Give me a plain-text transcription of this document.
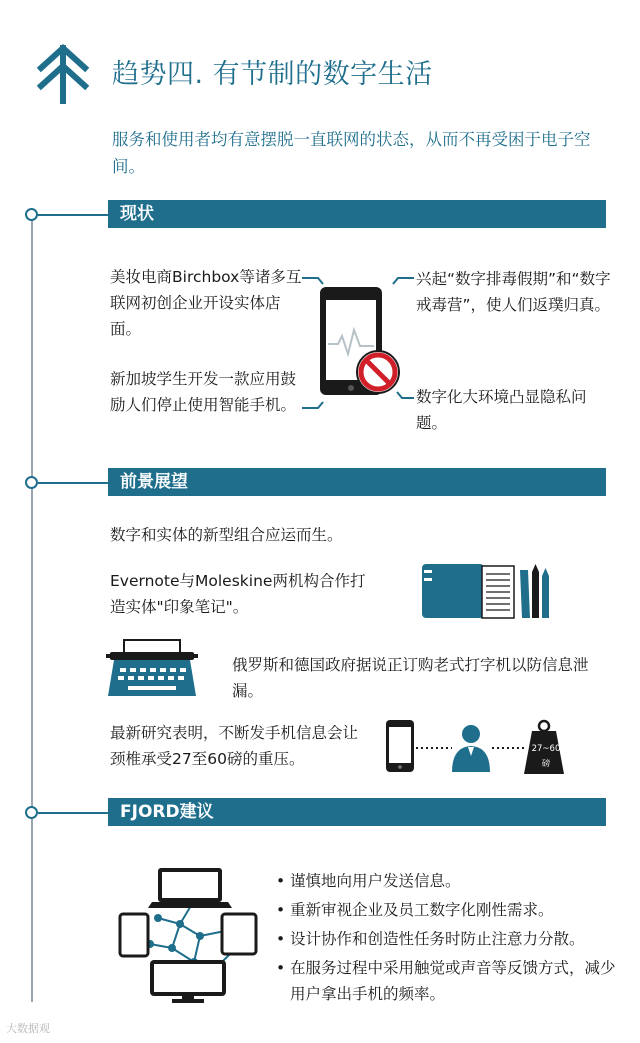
趋势四. 有节制的数字生活
服务和使用者均有意摆脱一直联网的状态，从而不再受困于电子空间。
现状
美妆电商Birchbox等诸多互联网初创企业开设实体店面。
新加坡学生开发一款应用鼓励人们停止使用智能手机。
兴起“数字排毒假期”和“数字戒毒营”，使人们返璞归真。
数字化大环境凸显隐私问题。
前景展望
数字和实体的新型组合应运而生。
Evernote与Moleskine两机构合作打造实体"印象笔记"。
俄罗斯和德国政府据说正订购老式打字机以防信息泄漏。
最新研究表明，不断发手机信息会让颈椎承受27至60磅的重压。
27~60
磅
FJORD建议
• 谨慎地向用户发送信息。
• 重新审视企业及员工数字化刚性需求。
• 设计协作和创造性任务时防止注意力分散。
• 在服务过程中采用触觉或声音等反馈方式，减少用户拿出手机的频率。
大数据观
